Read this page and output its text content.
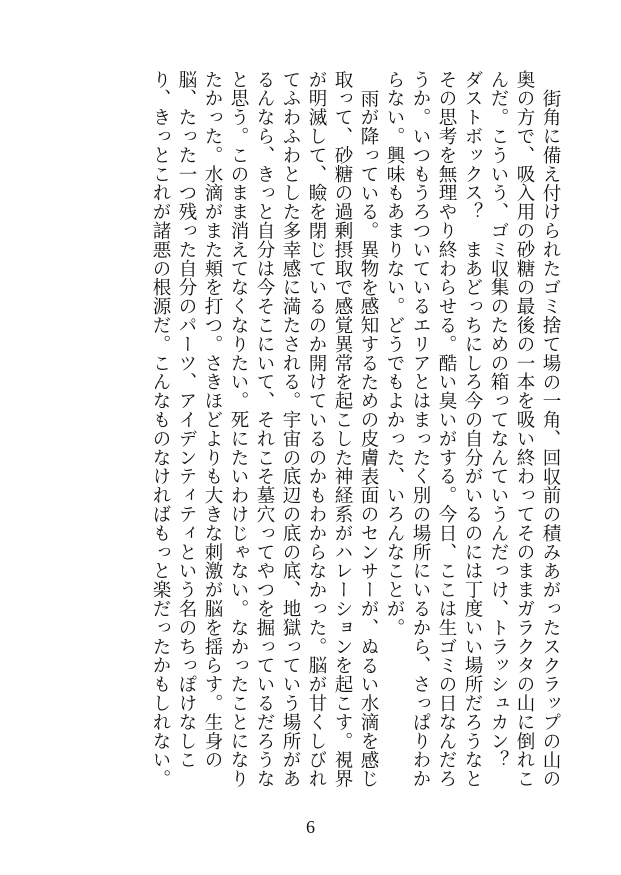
街角に備え付けられたゴミ捨て場の一角、回収前の積みあがったスクラップの山の奥の方で、吸入用の砂糖の最後の一本を吸い終わってそのままガラクタの山に倒れこんだ。こういう、ゴミ収集のための箱ってなんていうんだっけ、トラッシュカン？　ダストボックス？　まあどっちにしろ今の自分がいるのには丁度いい場所だろうなとその思考を無理やり終わらせる。酷い臭いがする。今日、ここは生ゴミの日なんだろうか。いつもうろついているエリアとはまったく別の場所にいるから、さっぱりわからない。興味もあまりない。どうでもよかった、いろんなことが。

雨が降っている。異物を感知するための皮膚表面のセンサーが、ぬるい水滴を感じ取って、砂糖の過剰摂取で感覚異常を起こした神経系がハレーションを起こす。視界が明滅して、瞼を閉じているのか開けているのかもわからなかった。脳が甘くしびれてふわふわとした多幸感に満たされる。宇宙の底辺の底の底、地獄っていう場所があるんなら、きっと自分は今そこにいて、それこそ墓穴ってやつを掘っているだろうなと思う。このまま消えてなくなりたい。死にたいわけじゃない。なかったことになりたかった。水滴がまた頬を打つ。さきほどよりも大きな刺激が脳を揺らす。生身の脳、たった一つ残った自分のパーツ、アイデンティティという名のちっぽけなしこり、きっとこれが諸悪の根源だ。こんなものなければもっと楽だったかもしれない。

6
